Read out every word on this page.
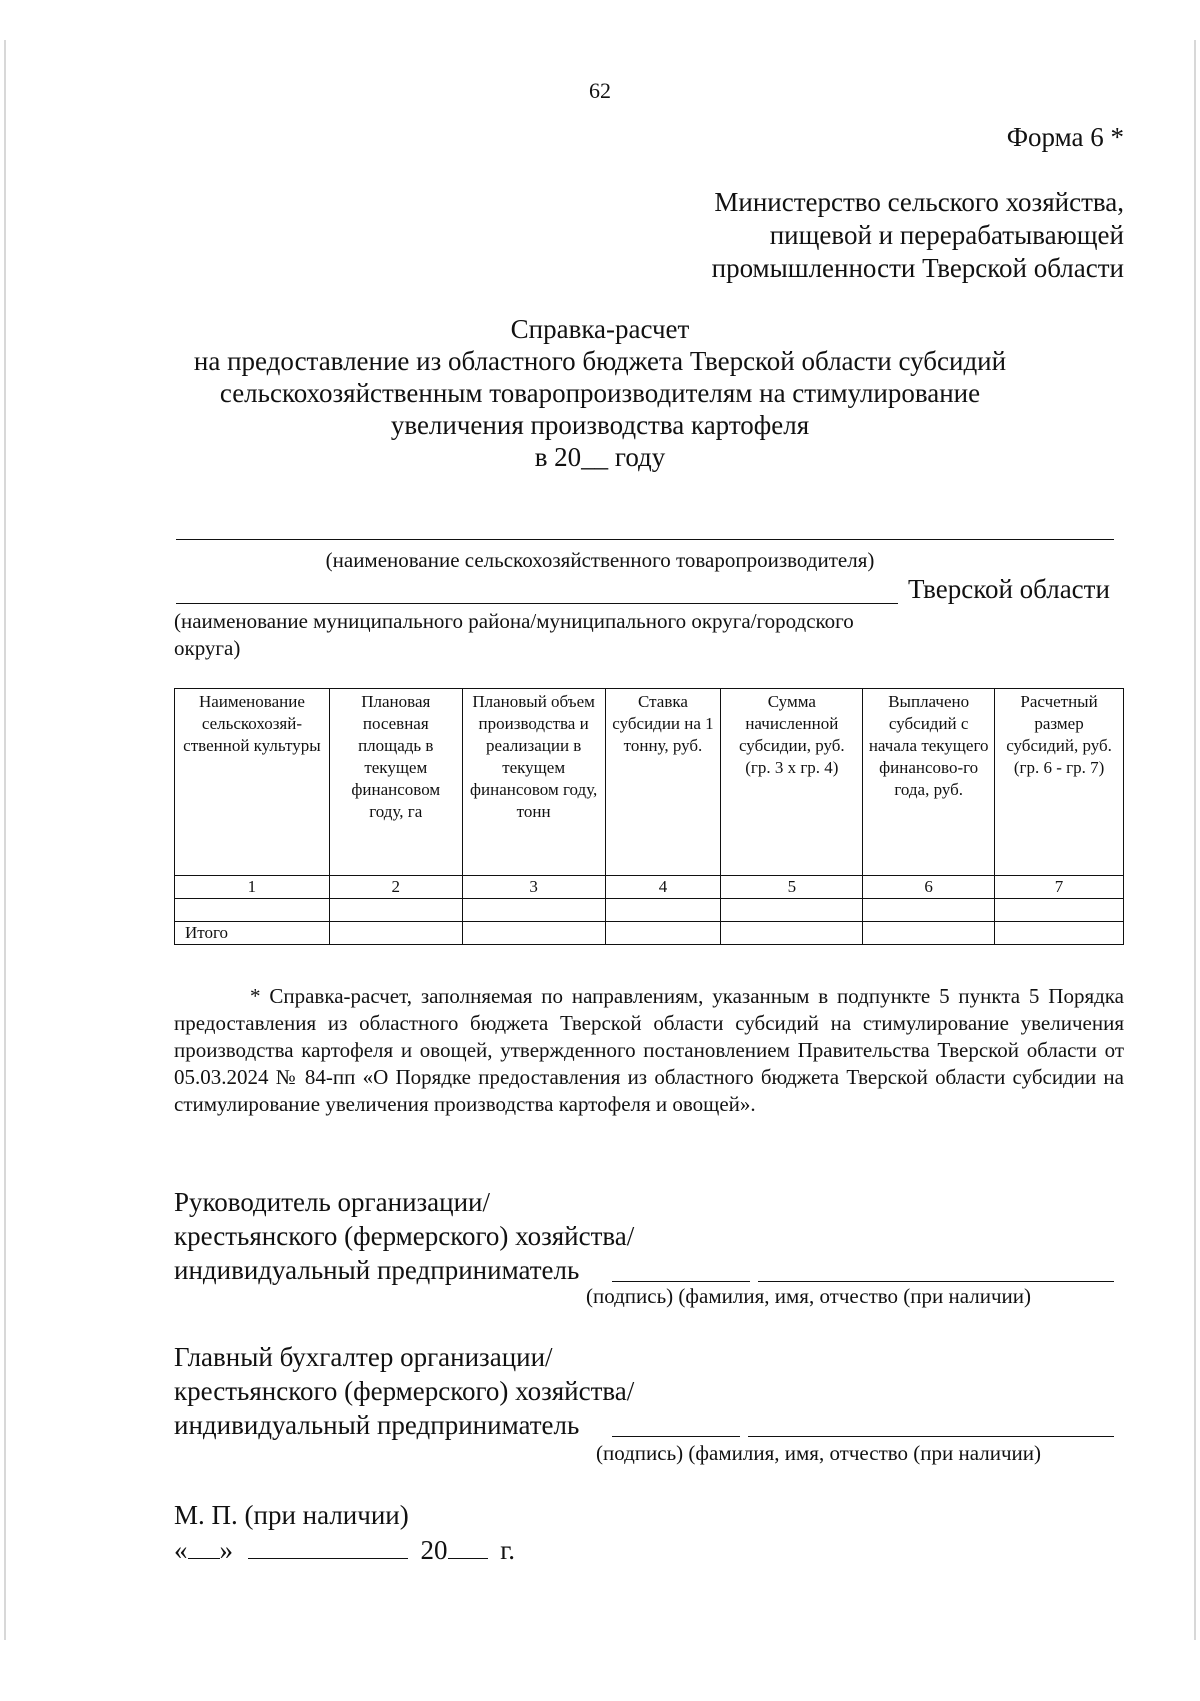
62
Форма 6 *
Министерство сельского хозяйства,
пищевой и перерабатывающей
промышленности Тверской области
Справка-расчет
на предоставление из областного бюджета Тверской области субсидий
сельскохозяйственным товаропроизводителям на стимулирование
увеличения производства картофеля
в 20__ году
(наименование сельскохозяйственного товаропроизводителя)
Тверской области
(наименование муниципального района/муниципального округа/городского
округа)
Наименование сельскохозяй-ственной культуры	Плановая посевная площадь в текущем финансовом году, га	Плановый объем производства и реализации в текущем финансовом году, тонн	Ставка субсидии на 1 тонну, руб.	Сумма начисленной субсидии, руб. (гр. 3 х гр. 4)	Выплачено субсидий с начала текущего финансово-го года, руб.	Расчетный размер субсидий, руб. (гр. 6 - гр. 7)
1	2	3	4	5	6	7

Итого						

* Справка-расчет, заполняемая по направлениям, указанным в подпункте 5 пункта 5 Порядка предоставления из областного бюджета Тверской области субсидий на стимулирование увеличения производства картофеля и овощей, утвержденного постановлением Правительства Тверской области от 05.03.2024 № 84-пп «О Порядке предоставления из областного бюджета Тверской области субсидии на стимулирование увеличения производства картофеля и овощей».

Руководитель организации/
крестьянского (фермерского) хозяйства/
индивидуальный предприниматель
(подпись) (фамилия, имя, отчество (при наличии)
Главный бухгалтер организации/
крестьянского (фермерского) хозяйства/
индивидуальный предприниматель
(подпись) (фамилия, имя, отчество (при наличии)
М. П. (при наличии)
« »	20 г.
